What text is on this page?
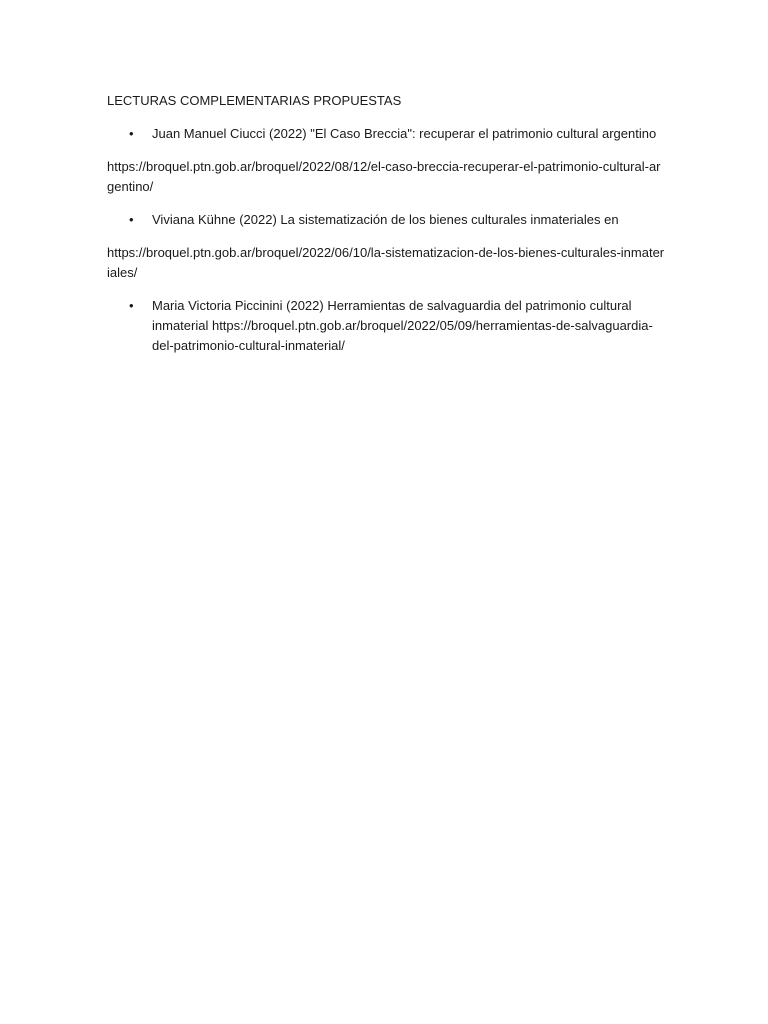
LECTURAS COMPLEMENTARIAS PROPUESTAS

• Juan Manuel Ciucci (2022) "El Caso Breccia": recuperar el patrimonio cultural argentino
https://broquel.ptn.gob.ar/broquel/2022/08/12/el-caso-breccia-recuperar-el-patrimonio-cultural-argentino/
• Viviana Kühne (2022) La sistematización de los bienes culturales inmateriales en
https://broquel.ptn.gob.ar/broquel/2022/06/10/la-sistematizacion-de-los-bienes-culturales-inmateriales/
• Maria Victoria Piccinini (2022) Herramientas de salvaguardia del patrimonio cultural inmaterial https://broquel.ptn.gob.ar/broquel/2022/05/09/herramientas-de-salvaguardia-del-patrimonio-cultural-inmaterial/
